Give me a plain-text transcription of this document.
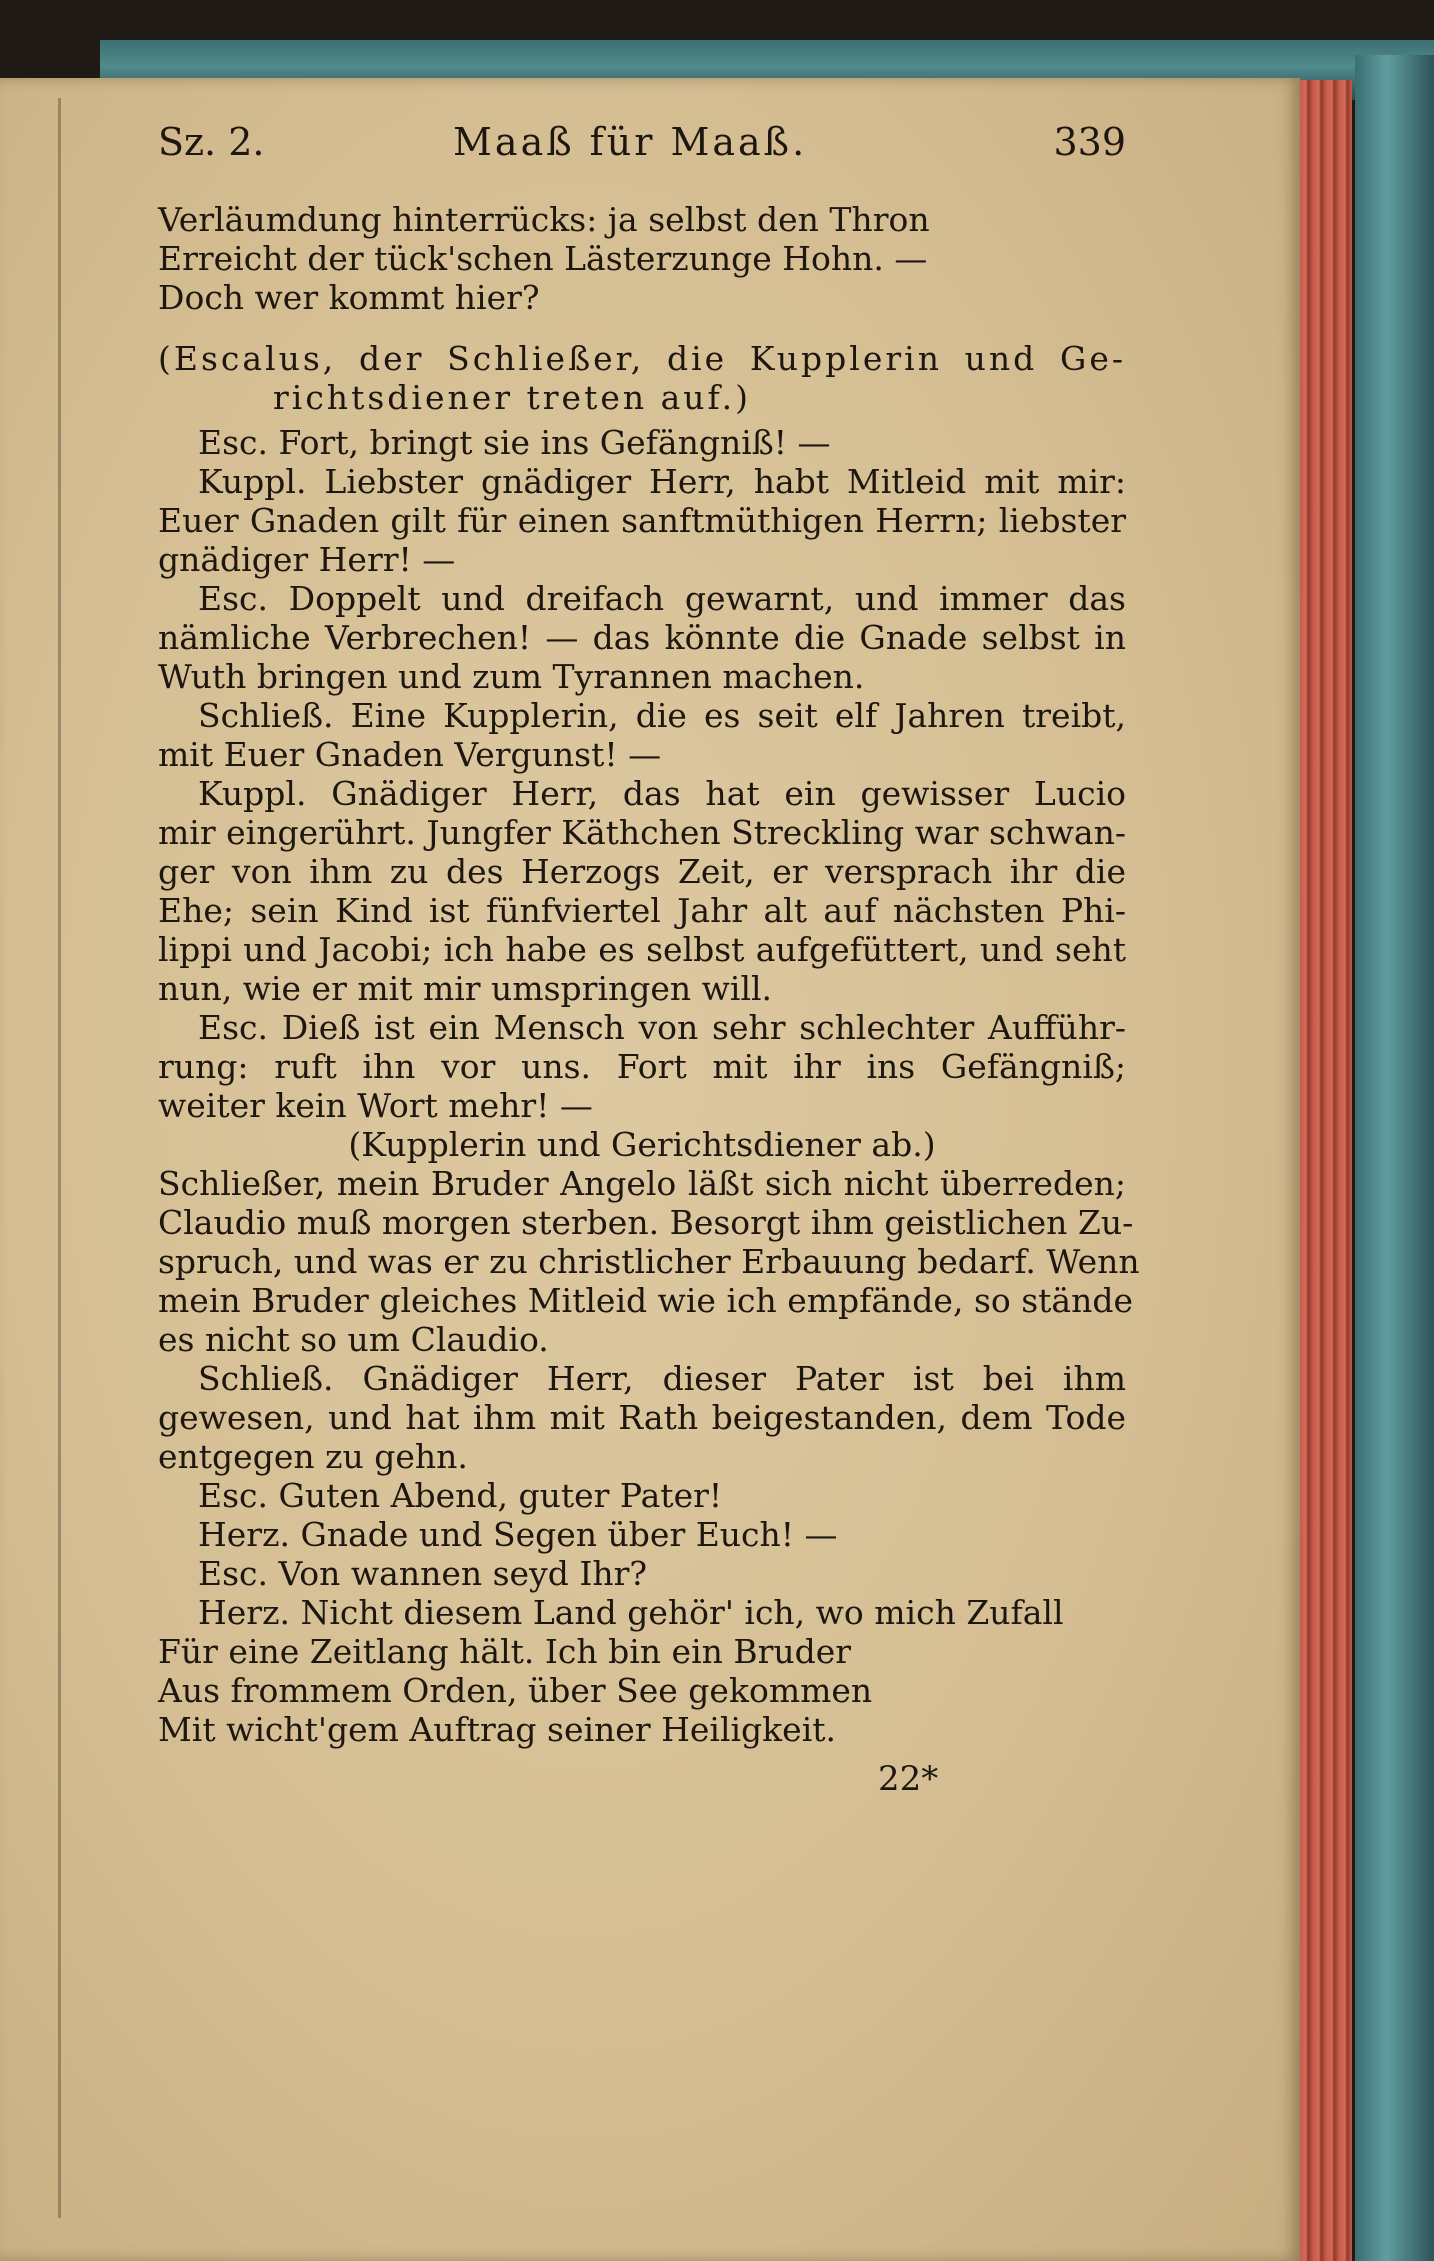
Sz. 2.	Maaß für Maaß.	339
Verläumdung hinterrücks: ja selbst den Thron
Erreicht der tück'schen Lästerzunge Hohn. —
Doch wer kommt hier?
(Escalus, der Schließer, die Kupplerin und Ge-
richtsdiener treten auf.)
Esc. Fort, bringt sie ins Gefängniß! —
Kuppl. Liebster gnädiger Herr, habt Mitleid mit mir:
Euer Gnaden gilt für einen sanftmüthigen Herrn; liebster
gnädiger Herr! —
Esc. Doppelt und dreifach gewarnt, und immer das
nämliche Verbrechen! — das könnte die Gnade selbst in
Wuth bringen und zum Tyrannen machen.
Schließ. Eine Kupplerin, die es seit elf Jahren treibt,
mit Euer Gnaden Vergunst! —
Kuppl. Gnädiger Herr, das hat ein gewisser Lucio
mir eingerührt. Jungfer Käthchen Streckling war schwan-
ger von ihm zu des Herzogs Zeit, er versprach ihr die
Ehe; sein Kind ist fünfviertel Jahr alt auf nächsten Phi-
lippi und Jacobi; ich habe es selbst aufgefüttert, und seht
nun, wie er mit mir umspringen will.
Esc. Dieß ist ein Mensch von sehr schlechter Aufführ-
rung: ruft ihn vor uns. Fort mit ihr ins Gefängniß;
weiter kein Wort mehr! —
(Kupplerin und Gerichtsdiener ab.)
Schließer, mein Bruder Angelo läßt sich nicht überreden;
Claudio muß morgen sterben. Besorgt ihm geistlichen Zu-
spruch, und was er zu christlicher Erbauung bedarf. Wenn
mein Bruder gleiches Mitleid wie ich empfände, so stände
es nicht so um Claudio.
Schließ. Gnädiger Herr, dieser Pater ist bei ihm
gewesen, und hat ihm mit Rath beigestanden, dem Tode
entgegen zu gehn.
Esc. Guten Abend, guter Pater!
Herz. Gnade und Segen über Euch! —
Esc. Von wannen seyd Ihr?
Herz. Nicht diesem Land gehör' ich, wo mich Zufall
Für eine Zeitlang hält. Ich bin ein Bruder
Aus frommem Orden, über See gekommen
Mit wicht'gem Auftrag seiner Heiligkeit.
22*
